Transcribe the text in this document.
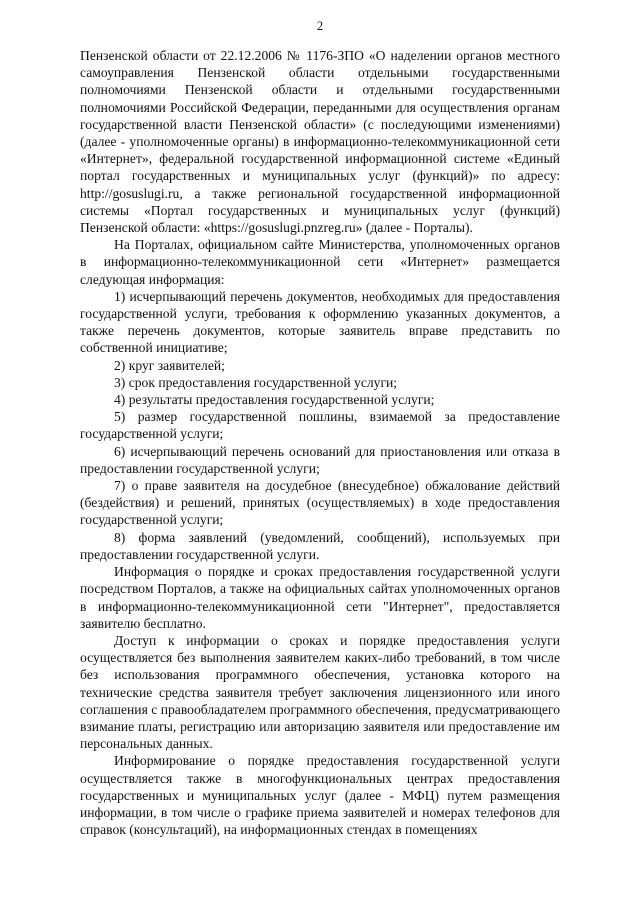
2

Пензенской области от 22.12.2006 № 1176-ЗПО «О наделении органов местного самоуправления Пензенской области отдельными государственными полномочиями Пензенской области и отдельными государственными полномочиями Российской Федерации, переданными для осуществления органам государственной власти Пензенской области» (с последующими изменениями) (далее - уполномоченные органы) в информационно-телекоммуникационной сети «Интернет», федеральной государственной информационной системе «Единый портал государственных и муниципальных услуг (функций)» по адресу: http://gosuslugi.ru, а также региональной государственной информационной системы «Портал государственных и муниципальных услуг (функций) Пензенской области: «https://gosuslugi.pnzreg.ru» (далее - Порталы).

На Порталах, официальном сайте Министерства, уполномоченных органов в информационно-телекоммуникационной сети «Интернет» размещается следующая информация:

1) исчерпывающий перечень документов, необходимых для предоставления государственной услуги, требования к оформлению указанных документов, а также перечень документов, которые заявитель вправе представить по собственной инициативе;

2) круг заявителей;

3) срок предоставления государственной услуги;

4) результаты предоставления государственной услуги;

5) размер государственной пошлины, взимаемой за предоставление государственной услуги;

6) исчерпывающий перечень оснований для приостановления или отказа в предоставлении государственной услуги;

7) о праве заявителя на досудебное (внесудебное) обжалование действий (бездействия) и решений, принятых (осуществляемых) в ходе предоставления государственной услуги;

8) форма заявлений (уведомлений, сообщений), используемых при предоставлении государственной услуги.

Информация о порядке и сроках предоставления государственной услуги посредством Порталов, а также на официальных сайтах уполномоченных органов в информационно-телекоммуникационной сети "Интернет", предоставляется заявителю бесплатно.

Доступ к информации о сроках и порядке предоставления услуги осуществляется без выполнения заявителем каких-либо требований, в том числе без использования программного обеспечения, установка которого на технические средства заявителя требует заключения лицензионного или иного соглашения с правообладателем программного обеспечения, предусматривающего взимание платы, регистрацию или авторизацию заявителя или предоставление им персональных данных.

Информирование о порядке предоставления государственной услуги осуществляется также в многофункциональных центрах предоставления государственных и муниципальных услуг (далее - МФЦ) путем размещения информации, в том числе о графике приема заявителей и номерах телефонов для справок (консультаций), на информационных стендах в помещениях
